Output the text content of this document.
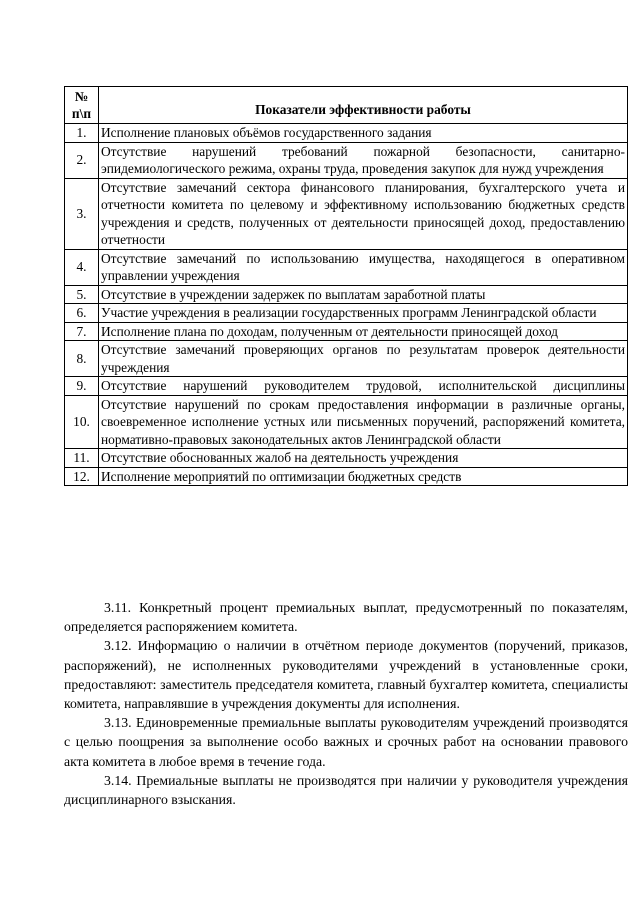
№ п\п	Показатели эффективности работы
1.	Исполнение плановых объёмов государственного задания
2.	Отсутствие нарушений требований пожарной безопасности, санитарно-эпидемиологического режима, охраны труда, проведения закупок для нужд учреждения
3.	Отсутствие замечаний сектора финансового планирования, бухгалтерского учета и отчетности комитета по целевому и эффективному использованию бюджетных средств учреждения и средств, полученных от деятельности приносящей доход, предоставлению отчетности
4.	Отсутствие замечаний по использованию имущества, находящегося в оперативном управлении учреждения
5.	Отсутствие в учреждении задержек по выплатам заработной платы
6.	Участие учреждения в реализации государственных программ Ленинградской области
7.	Исполнение плана по доходам, полученным от деятельности приносящей доход
8.	Отсутствие замечаний проверяющих органов по результатам проверок деятельности учреждения
9.	Отсутствие нарушений руководителем трудовой, исполнительской дисциплины
10.	Отсутствие нарушений по срокам предоставления информации в различные органы, своевременное исполнение устных или письменных поручений, распоряжений комитета, нормативно-правовых законодательных актов Ленинградской области
11.	Отсутствие обоснованных жалоб на деятельность учреждения
12.	Исполнение мероприятий по оптимизации бюджетных средств

3.11. Конкретный процент премиальных выплат, предусмотренный по показателям, определяется распоряжением комитета.

3.12. Информацию о наличии в отчётном периоде документов (поручений, приказов, распоряжений), не исполненных руководителями учреждений в установленные сроки, предоставляют: заместитель председателя комитета, главный бухгалтер комитета, специалисты комитета, направлявшие в учреждения документы для исполнения.

3.13. Единовременные премиальные выплаты руководителям учреждений производятся с целью поощрения за выполнение особо важных и срочных работ на основании правового акта комитета в любое время в течение года.

3.14. Премиальные выплаты не производятся при наличии у руководителя учреждения дисциплинарного взыскания.
